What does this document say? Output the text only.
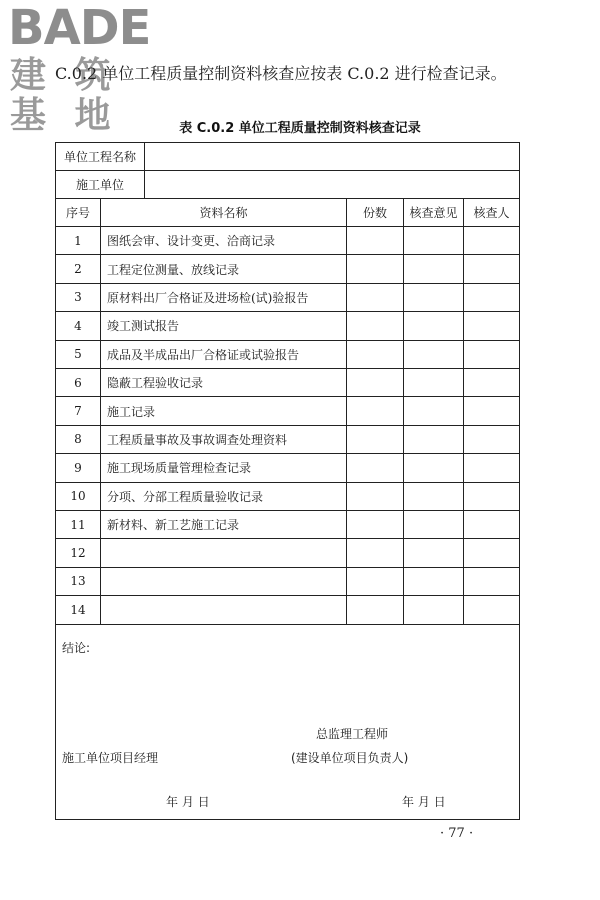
BADE
建 筑 基 地
C.0.2 单位工程质量控制资料核查应按表 C.0.2 进行检查记录。
表 C.0.2 单位工程质量控制资料核查记录
单位工程名称
施工单位
序号	资料名称	份数	核查意见	核查人
1	图纸会审、设计变更、洽商记录
2	工程定位测量、放线记录
3	原材料出厂合格证及进场检(试)验报告
4	竣工测试报告
5	成品及半成品出厂合格证或试验报告
6	隐蔽工程验收记录
7	施工记录
8	工程质量事故及事故调查处理资料
9	施工现场质量管理检查记录
10	分项、分部工程质量验收记录
11	新材料、新工艺施工记录
12
13
14
结论:
总监理工程师
施工单位项目经理	(建设单位项目负责人)
年 月 日	年 月 日
· 77 ·
